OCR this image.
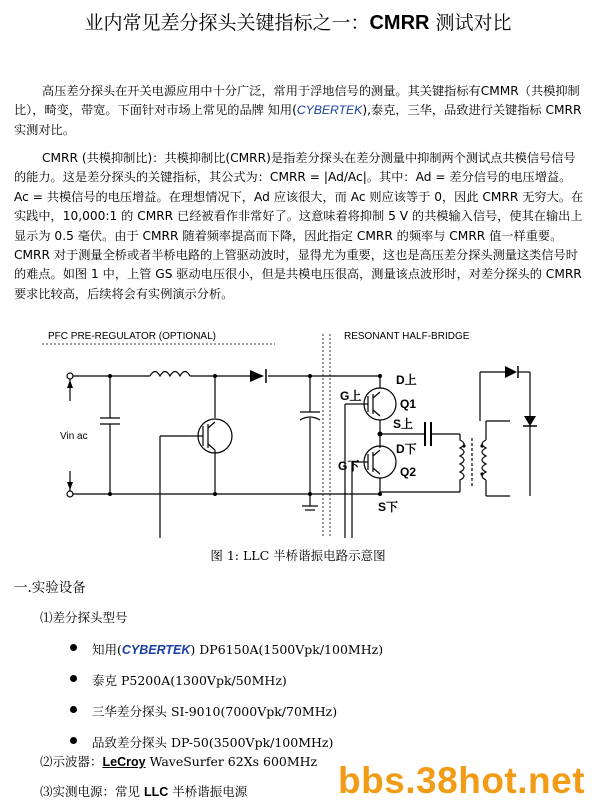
业内常见差分探头关键指标之一：CMRR 测试对比

高压差分探头在开关电源应用中十分广泛，常用于浮地信号的测量。其关键指标有CMMR（共模抑制比），畸变，带宽。下面针对市场上常见的品牌 知用(CYBERTEK),泰克，三华，品致进行关键指标 CMRR 实测对比。

CMRR (共模抑制比)：共模抑制比(CMRR)是指差分探头在差分测量中抑制两个测试点共模信号信号的能力。这是差分探头的关键指标，其公式为：CMRR = |Ad/Ac|。其中：Ad = 差分信号的电压增益。Ac = 共模信号的电压增益。在理想情况下，Ad 应该很大，而 Ac 则应该等于 0，因此 CMRR 无穷大。在实践中，10,000:1 的 CMRR 已经被看作非常好了。这意味着将抑制 5 V 的共模输入信号，使其在输出上显示为 0.5 毫伏。由于 CMRR 随着频率提高而下降，因此指定 CMRR 的频率与 CMRR 值一样重要。CMRR 对于测量全桥或者半桥电路的上管驱动波时，显得尤为重要，这也是高压差分探头测量这类信号时的难点。如图 1 中，上管 GS 驱动电压很小，但是共模电压很高，测量该点波形时，对差分探头的 CMRR 要求比较高，后续将会有实例演示分析。

PFC PRE-REGULATOR (OPTIONAL)	RESONANT HALF-BRIDGE
Vin ac
D上
G上
Q1
S上
D下
G下	Q2
S下
图 1: LLC 半桥谐振电路示意图
一.实验设备
⑴差分探头型号
知用(CYBERTEK) DP6150A(1500Vpk/100MHz)
泰克 P5200A(1300Vpk/50MHz)
三华差分探头 SI-9010(7000Vpk/70MHz)
品致差分探头 DP-50(3500Vpk/100MHz)
⑵示波器：LeCroy WaveSurfer 62Xs 600MHz
⑶实测电源：常见 LLC 半桥谐振电源 bbs.38hot.net
